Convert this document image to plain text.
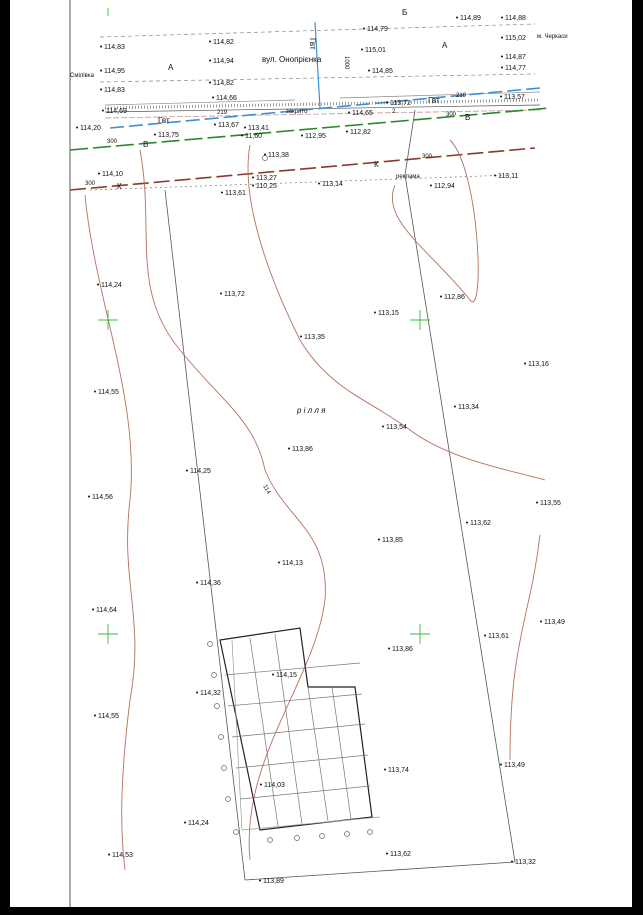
вул. Онопрієнка
р і л л я
Смілівка
м. Черкаси
А
А
Б
Гвт
Гвт
Гвт
В
В
К
К
300
300
300
300
219
219
2
закрито
реклама
1000
114
114,83
114,82
114,79
114,89	114,88
115,02
114,95
114,94
115,01
114,87
114,77
114,83
114,82
114,85
114,69
114,66
114,65
113,72
113,57
114,20
113,75
113,67 113,41
112,95
112,82
113,38
114,10
113,27
110,25	113,14	112,94
113,11
113,61
114,24
113,72	112,86
113,15
113,35
113,16
114,55
113,34
113,54
113,86
114,56
114,25
113,55
113,62
113,85
114,13
114,36
114,64
113,61
113,49
113,86
114,15
114,32
114,55
113,74
113,49
114,03
114,24
113,62
114,53
113,89
113,32
11,60
